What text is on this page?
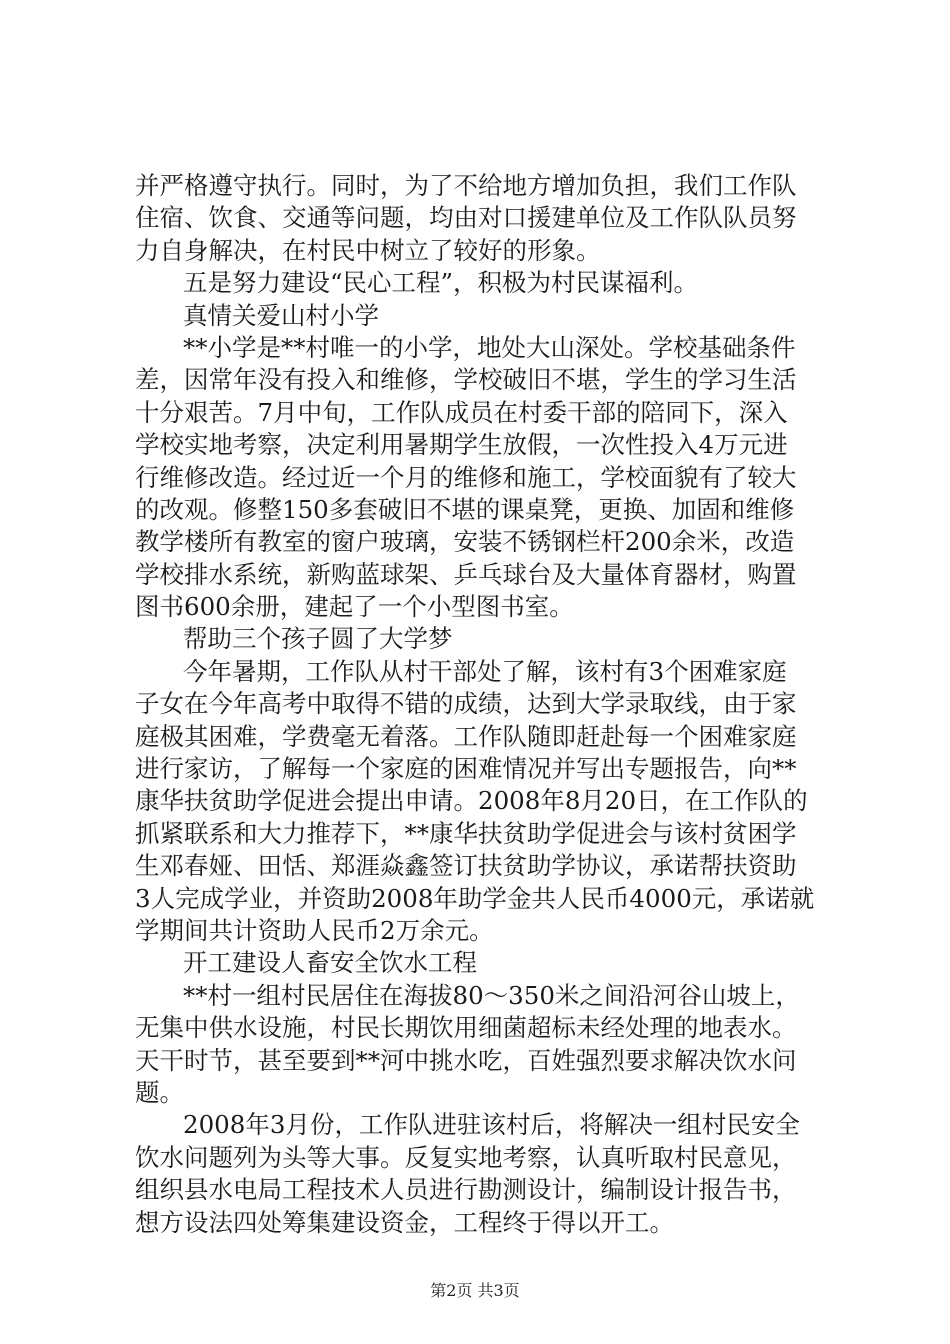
并严格遵守执行。同时，为了不给地方增加负担，我们工作队
住宿、饮食、交通等问题，均由对口援建单位及工作队队员努
力自身解决，在村民中树立了较好的形象。
五是努力建设“民心工程”，积极为村民谋福利。
真情关爱山村小学
**小学是**村唯一的小学，地处大山深处。学校基础条件
差，因常年没有投入和维修，学校破旧不堪，学生的学习生活
十分艰苦。7月中旬，工作队成员在村委干部的陪同下，深入
学校实地考察，决定利用暑期学生放假，一次性投入4万元进
行维修改造。经过近一个月的维修和施工，学校面貌有了较大
的改观。修整150多套破旧不堪的课桌凳，更换、加固和维修
教学楼所有教室的窗户玻璃，安装不锈钢栏杆200余米，改造
学校排水系统，新购蓝球架、乒乓球台及大量体育器材，购置
图书600余册，建起了一个小型图书室。
帮助三个孩子圆了大学梦
今年暑期，工作队从村干部处了解，该村有3个困难家庭
子女在今年高考中取得不错的成绩，达到大学录取线，由于家
庭极其困难，学费毫无着落。工作队随即赶赴每一个困难家庭
进行家访，了解每一个家庭的困难情况并写出专题报告，向**
康华扶贫助学促进会提出申请。2008年8月20日，在工作队的
抓紧联系和大力推荐下，**康华扶贫助学促进会与该村贫困学
生邓春娅、田恬、郑涯焱鑫签订扶贫助学协议，承诺帮扶资助
3人完成学业，并资助2008年助学金共人民币4000元，承诺就
学期间共计资助人民币2万余元。
开工建设人畜安全饮水工程
**村一组村民居住在海拔80～350米之间沿河谷山坡上，
无集中供水设施，村民长期饮用细菌超标未经处理的地表水。
天干时节，甚至要到**河中挑水吃，百姓强烈要求解决饮水问
题。
2008年3月份，工作队进驻该村后，将解决一组村民安全
饮水问题列为头等大事。反复实地考察，认真听取村民意见，
组织县水电局工程技术人员进行勘测设计，编制设计报告书，
想方设法四处筹集建设资金，工程终于得以开工。
第2页 共3页
